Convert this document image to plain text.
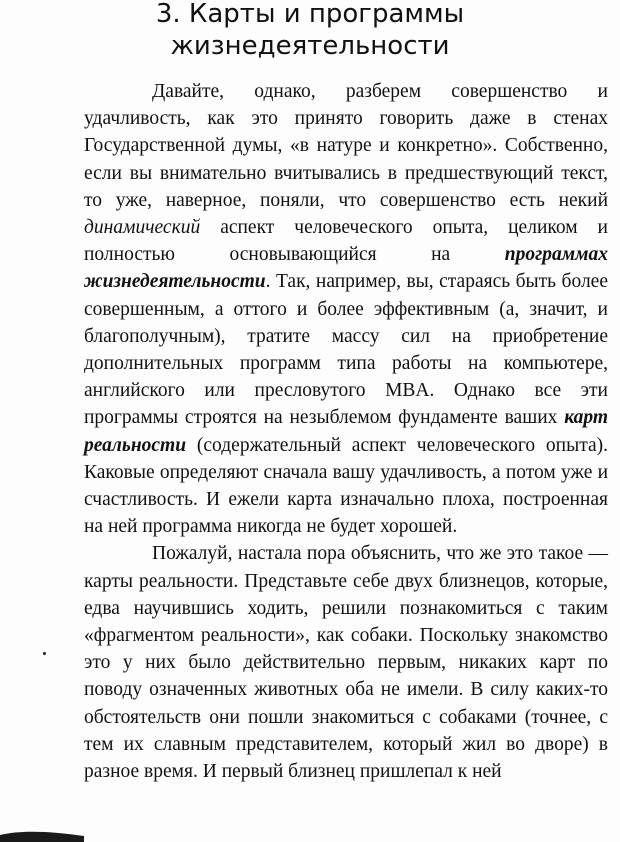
3. Карты и программы
жизнедеятельности

Давайте, однако, разберем совершенство и удачливость, как это принято говорить даже в стенах Государственной думы, «в натуре и конкретно». Собственно, если вы внимательно вчитывались в предшествующий текст, то уже, наверное, поняли, что совершенство есть некий динамический аспект человеческого опыта, целиком и полностью основывающийся на программах жизнедеятельности. Так, например, вы, стараясь быть более совершенным, а оттого и более эффективным (а, значит, и благополучным), тратите массу сил на приобретение дополнительных программ типа работы на компьютере, английского или пресловутого MBA. Однако все эти программы строятся на незыблемом фундаменте ваших карт реальности (содержательный аспект человеческого опыта). Каковые определяют сначала вашу удачливость, а потом уже и счастливость. И ежели карта изначально плоха, построенная на ней программа никогда не будет хорошей.

Пожалуй, настала пора объяснить, что же это такое — карты реальности. Представьте себе двух близнецов, которые, едва научившись ходить, решили познакомиться с таким «фрагментом реальности», как собаки. Поскольку знакомство это у них было действительно первым, никаких карт по поводу означенных животных оба не имели. В силу каких-то обстоятельств они пошли знакомиться с собаками (точнее, с тем их славным представителем, который жил во дворе) в разное время. И первый близнец пришлепал к ней
